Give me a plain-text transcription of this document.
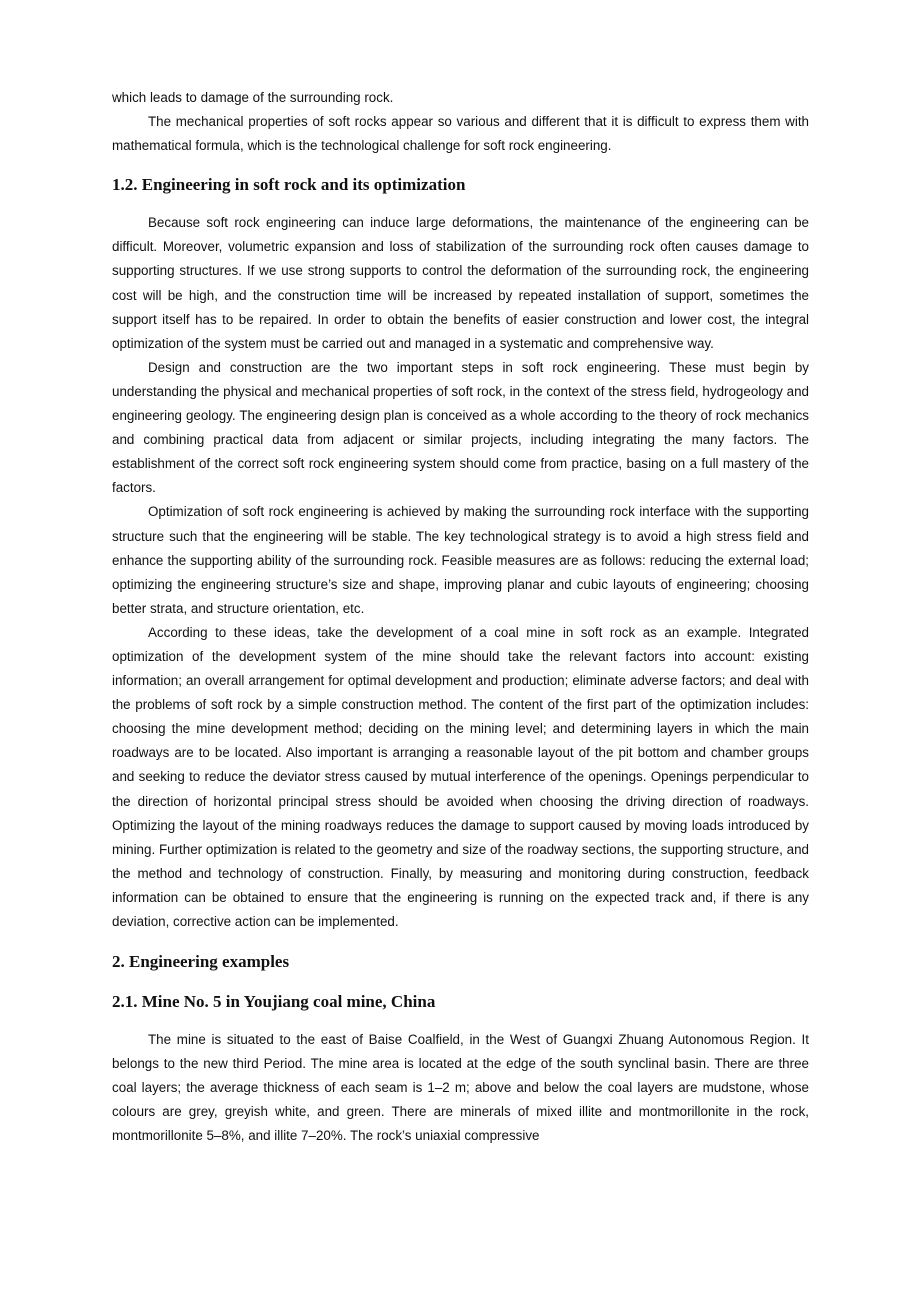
which leads to damage of the surrounding rock.

The mechanical properties of soft rocks appear so various and different that it is difficult to express them with mathematical formula, which is the technological challenge for soft rock engineering.

1.2. Engineering in soft rock and its optimization

Because soft rock engineering can induce large deformations, the maintenance of the engineering can be difficult. Moreover, volumetric expansion and loss of stabilization of the surrounding rock often causes damage to supporting structures. If we use strong supports to control the deformation of the surrounding rock, the engineering cost will be high, and the construction time will be increased by repeated installation of support, sometimes the support itself has to be repaired. In order to obtain the benefits of easier construction and lower cost, the integral optimization of the system must be carried out and managed in a systematic and comprehensive way.

Design and construction are the two important steps in soft rock engineering. These must begin by understanding the physical and mechanical properties of soft rock, in the context of the stress field, hydrogeology and engineering geology. The engineering design plan is conceived as a whole according to the theory of rock mechanics and combining practical data from adjacent or similar projects, including integrating the many factors. The establishment of the correct soft rock engineering system should come from practice, basing on a full mastery of the factors.

Optimization of soft rock engineering is achieved by making the surrounding rock interface with the supporting structure such that the engineering will be stable. The key technological strategy is to avoid a high stress field and enhance the supporting ability of the surrounding rock. Feasible measures are as follows: reducing the external load; optimizing the engineering structure’s size and shape, improving planar and cubic layouts of engineering; choosing better strata, and structure orientation, etc.

According to these ideas, take the development of a coal mine in soft rock as an example. Integrated optimization of the development system of the mine should take the relevant factors into account: existing information; an overall arrangement for optimal development and production; eliminate adverse factors; and deal with the problems of soft rock by a simple construction method. The content of the first part of the optimization includes: choosing the mine development method; deciding on the mining level; and determining layers in which the main roadways are to be located. Also important is arranging a reasonable layout of the pit bottom and chamber groups and seeking to reduce the deviator stress caused by mutual interference of the openings. Openings perpendicular to the direction of horizontal principal stress should be avoided when choosing the driving direction of roadways. Optimizing the layout of the mining roadways reduces the damage to support caused by moving loads introduced by mining. Further optimization is related to the geometry and size of the roadway sections, the supporting structure, and the method and technology of construction. Finally, by measuring and monitoring during construction, feedback information can be obtained to ensure that the engineering is running on the expected track and, if there is any deviation, corrective action can be implemented.

2. Engineering examples
2.1. Mine No. 5 in Youjiang coal mine, China

The mine is situated to the east of Baise Coalfield, in the West of Guangxi Zhuang Autonomous Region. It belongs to the new third Period. The mine area is located at the edge of the south synclinal basin. There are three coal layers; the average thickness of each seam is 1–2 m; above and below the coal layers are mudstone, whose colours are grey, greyish white, and green. There are minerals of mixed illite and montmorillonite in the rock, montmorillonite 5–8%, and illite 7–20%. The rock’s uniaxial compressive
